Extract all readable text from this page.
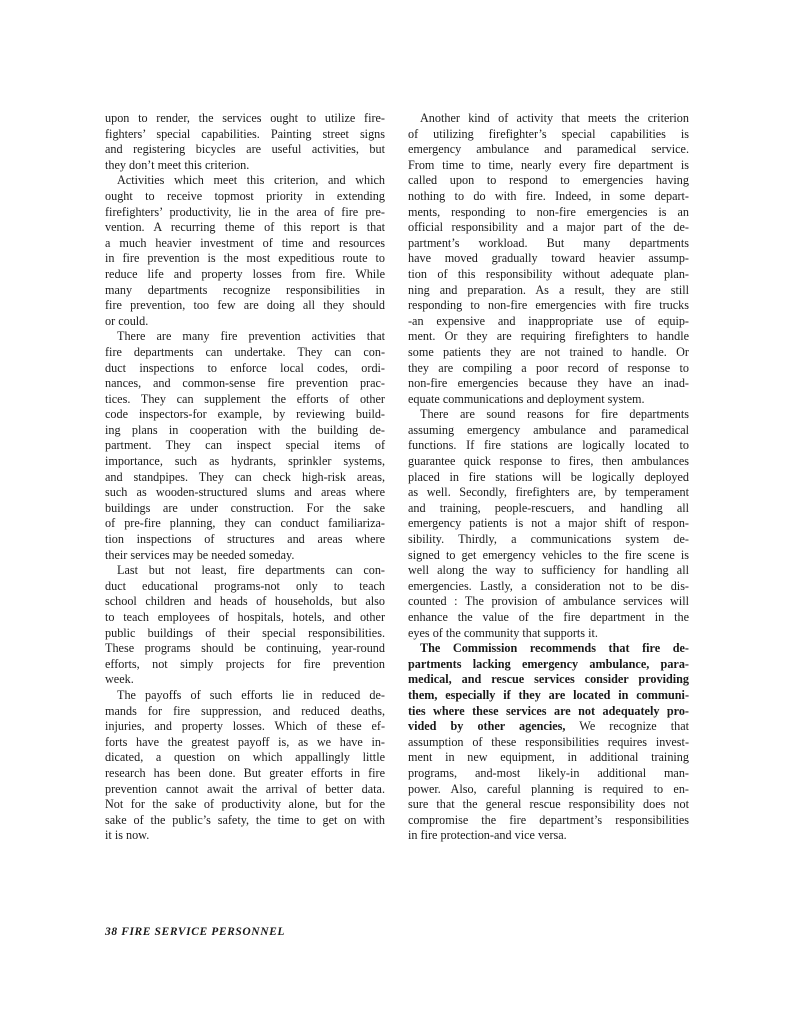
upon to render, the services ought to utilize fire-
fighters’ special capabilities. Painting street signs
and registering bicycles are useful activities, but
they don’t meet this criterion.
Activities which meet this criterion, and which
ought to receive topmost priority in extending
firefighters’ productivity, lie in the area of fire pre-
vention. A recurring theme of this report is that
a much heavier investment of time and resources
in fire prevention is the most expeditious route to
reduce life and property losses from fire. While
many departments recognize responsibilities in
fire prevention, too few are doing all they should
or could.
There are many fire prevention activities that
fire departments can undertake. They can con-
duct inspections to enforce local codes, ordi-
nances, and common-sense fire prevention prac-
tices. They can supplement the efforts of other
code inspectors-for example, by reviewing build-
ing plans in cooperation with the building de-
partment. They can inspect special items of
importance, such as hydrants, sprinkler systems,
and standpipes. They can check high-risk areas,
such as wooden-structured slums and areas where
buildings are under construction. For the sake
of pre-fire planning, they can conduct familiariza-
tion inspections of structures and areas where
their services may be needed someday.
Last but not least, fire departments can con-
duct educational programs-not only to teach
school children and heads of households, but also
to teach employees of hospitals, hotels, and other
public buildings of their special responsibilities.
These programs should be continuing, year-round
efforts, not simply projects for fire prevention
week.
The payoffs of such efforts lie in reduced de-
mands for fire suppression, and reduced deaths,
injuries, and property losses. Which of these ef-
forts have the greatest payoff is, as we have in-
dicated, a question on which appallingly little
research has been done. But greater efforts in fire
prevention cannot await the arrival of better data.
Not for the sake of productivity alone, but for the
sake of the public’s safety, the time to get on with
it is now.
Another kind of activity that meets the criterion
of utilizing firefighter’s special capabilities is
emergency ambulance and paramedical service.
From time to time, nearly every fire department is
called upon to respond to emergencies having
nothing to do with fire. Indeed, in some depart-
ments, responding to non-fire emergencies is an
official responsibility and a major part of the de-
partment’s workload. But many departments
have moved gradually toward heavier assump-
tion of this responsibility without adequate plan-
ning and preparation. As a result, they are still
responding to non-fire emergencies with fire trucks
-an expensive and inappropriate use of equip-
ment. Or they are requiring firefighters to handle
some patients they are not trained to handle. Or
they are compiling a poor record of response to
non-fire emergencies because they have an inad-
equate communications and deployment system.
There are sound reasons for fire departments
assuming emergency ambulance and paramedical
functions. If fire stations are logically located to
guarantee quick response to fires, then ambulances
placed in fire stations will be logically deployed
as well. Secondly, firefighters are, by temperament
and training, people-rescuers, and handling all
emergency patients is not a major shift of respon-
sibility. Thirdly, a communications system de-
signed to get emergency vehicles to the fire scene is
well along the way to sufficiency for handling all
emergencies. Lastly, a consideration not to be dis-
counted : The provision of ambulance services will
enhance the value of the fire department in the
eyes of the community that supports it.
The Commission recommends that fire de-
partments lacking emergency ambulance, para-
medical, and rescue services consider providing
them, especially if they are located in communi-
ties where these services are not adequately pro-
vided by other agencies, We recognize that
assumption of these responsibilities requires invest-
ment in new equipment, in additional training
programs, and-most likely-in additional man-
power. Also, careful planning is required to en-
sure that the general rescue responsibility does not
compromise the fire department’s responsibilities
in fire protection-and vice versa.
38 FIRE SERVICE PERSONNEL
